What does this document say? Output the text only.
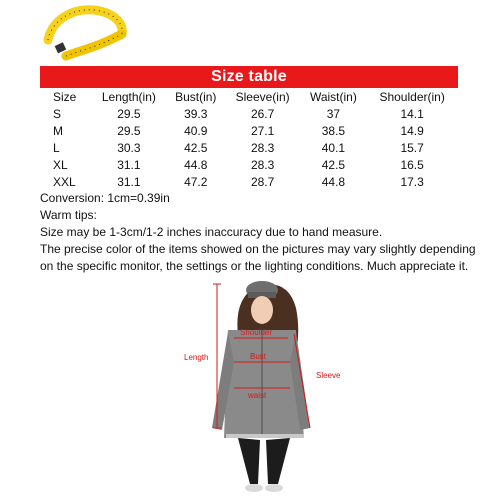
Size table
Size	Length(in)	Bust(in)	Sleeve(in)	Waist(in)	Shoulder(in)
S	29.5	39.3	26.7	37	14.1
M	29.5	40.9	27.1	38.5	14.9
L	30.3	42.5	28.3	40.1	15.7
XL	31.1	44.8	28.3	42.5	16.5
XXL	31.1	47.2	28.7	44.8	17.3
Conversion: 1cm=0.39in
Warm tips:
Size may be 1-3cm/1-2 inches inaccuracy due to hand measure.
The precise color of the items showed on the pictures may vary slightly depending
on the specific monitor, the settings or the lighting conditions. Much appreciate it.
Length
Shoulder
Bust
waist
Sleeve
